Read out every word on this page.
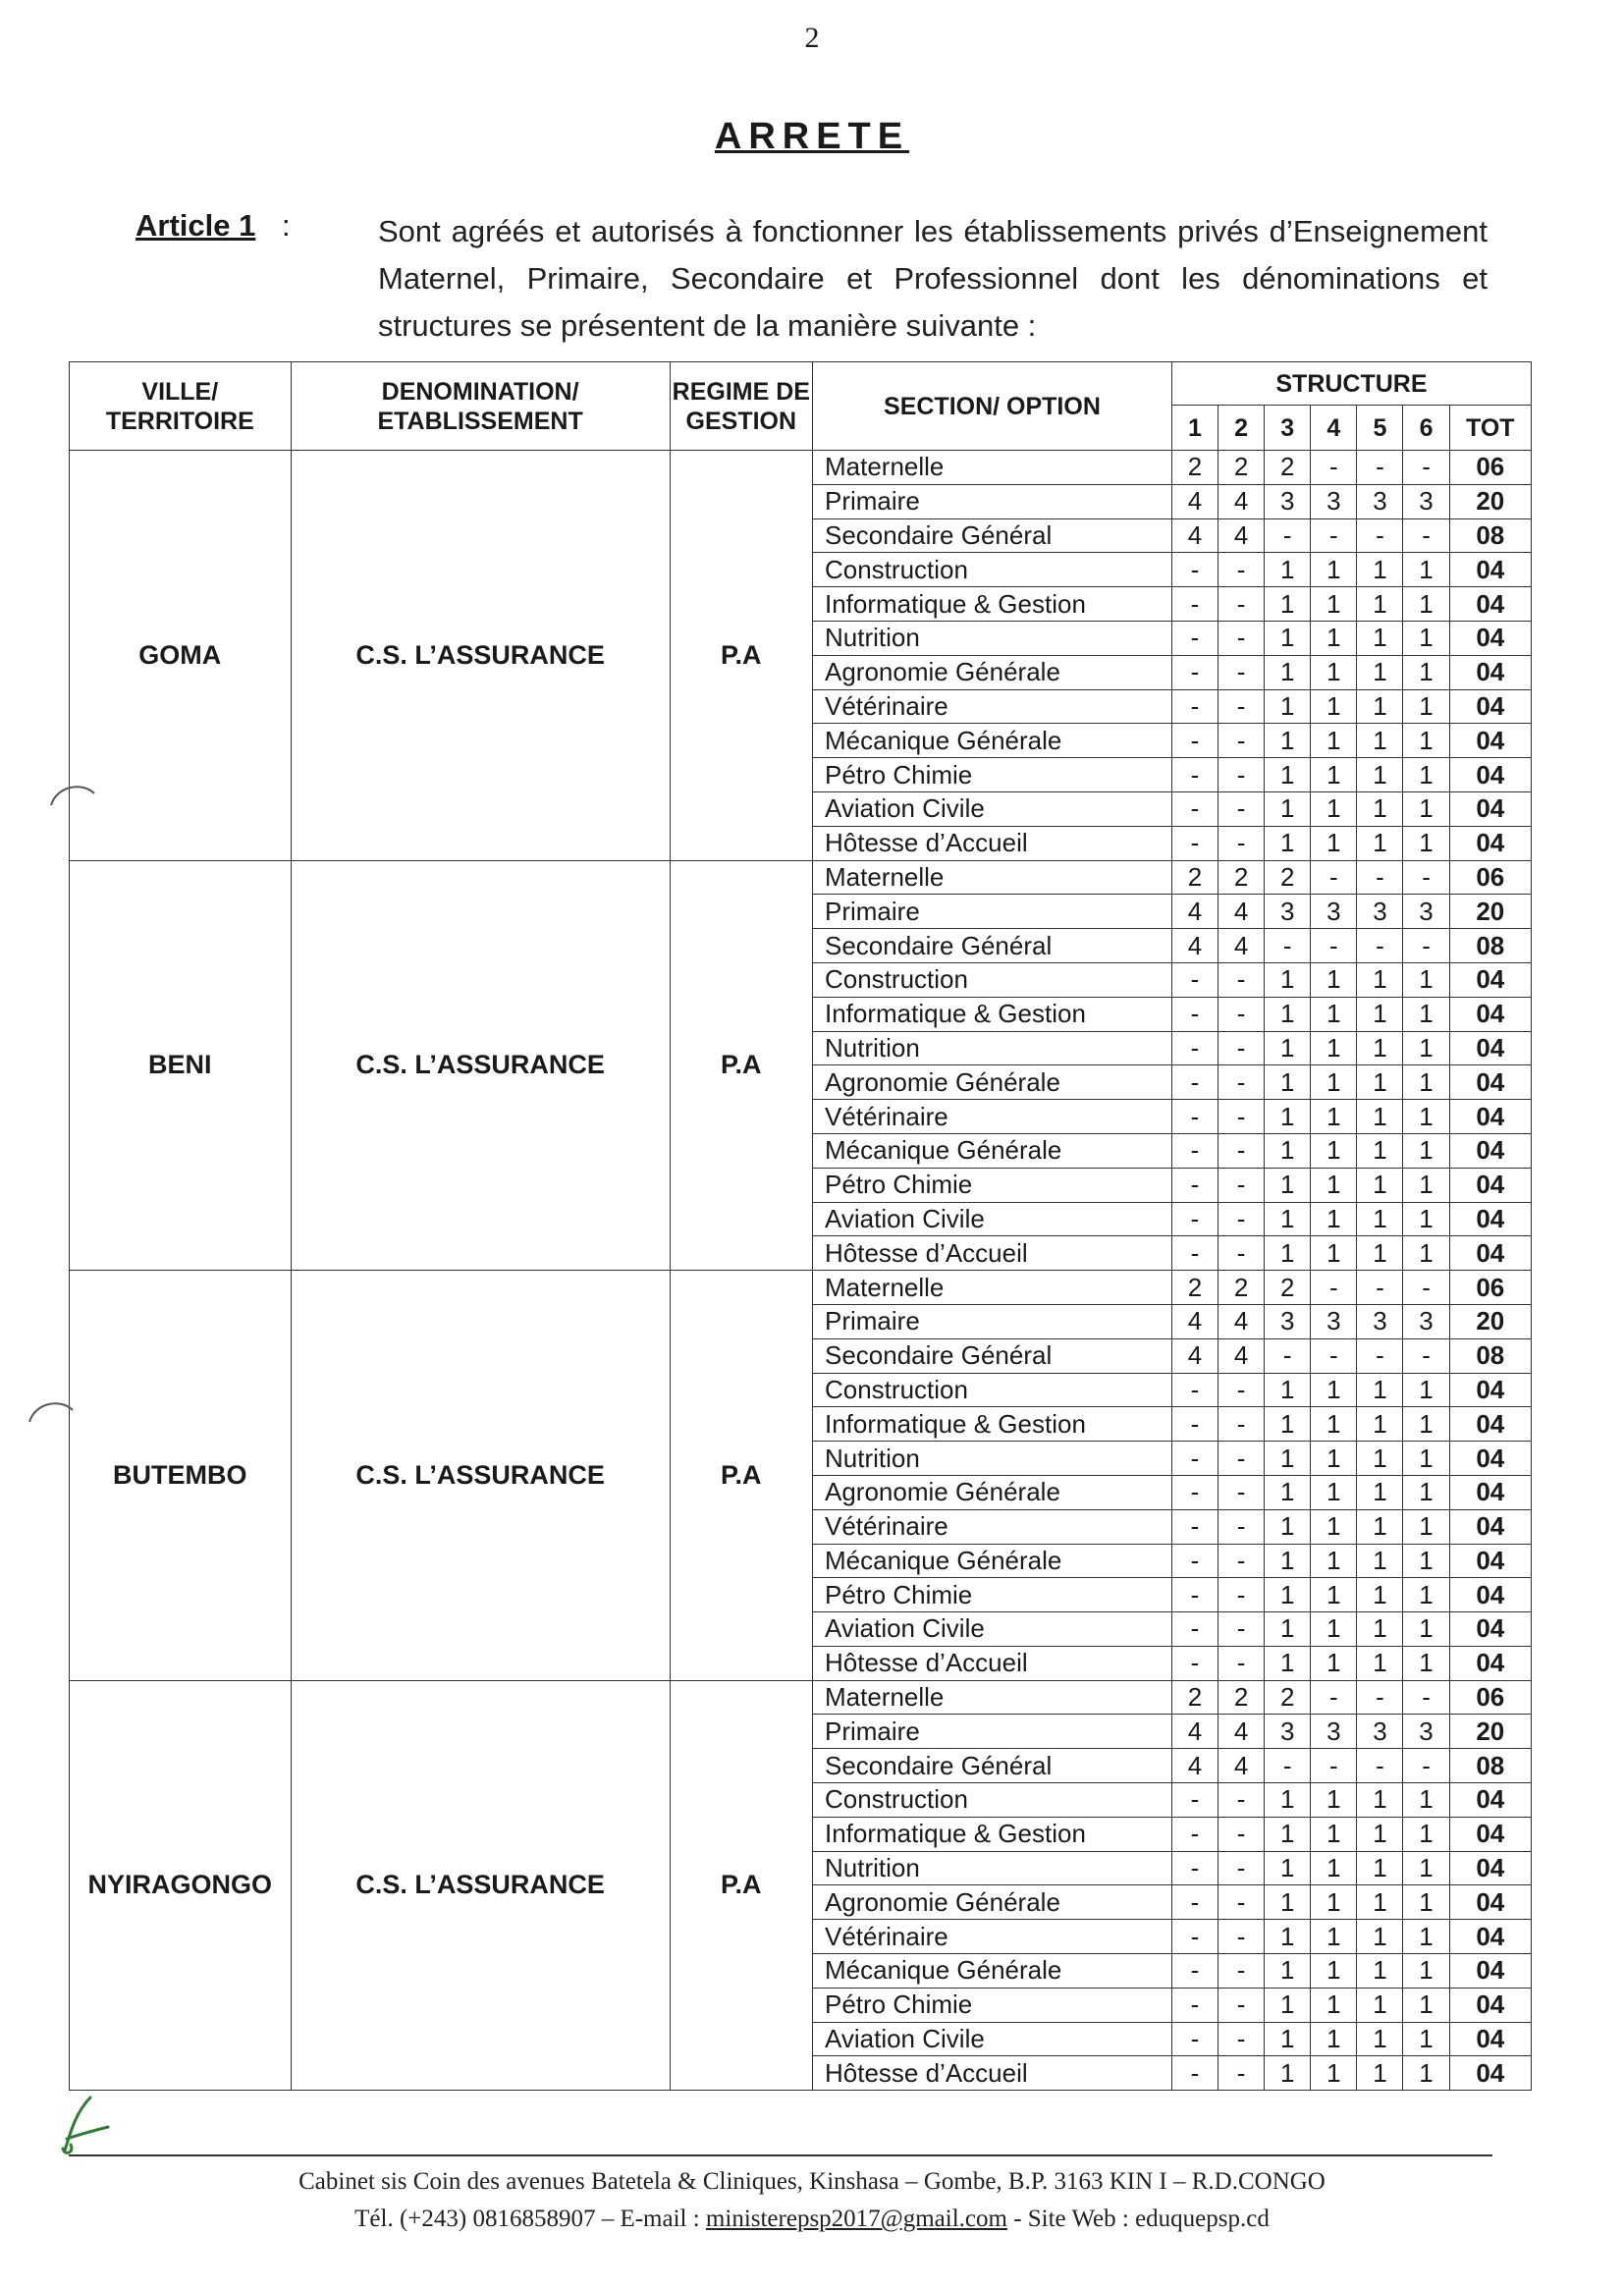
2
ARRETE
Article 1 :	Sont agréés et autorisés à fonctionner les établissements privés d’Enseignement Maternel, Primaire, Secondaire et Professionnel dont les dénominations et structures se présentent de la manière suivante :
VILLE/ TERRITOIRE	DENOMINATION/ ETABLISSEMENT	REGIME DE GESTION	SECTION/ OPTION	STRUCTURE						
				1	2	3	4	5	6	TOT
GOMA	C.S. L’ASSURANCE	P.A	Maternelle	2	2	2	-	-	-	06
			Primaire	4	4	3	3	3	3	20
			Secondaire Général	4	4	-	-	-	-	08
			Construction	-	-	1	1	1	1	04
			Informatique & Gestion	-	-	1	1	1	1	04
			Nutrition	-	-	1	1	1	1	04
			Agronomie Générale	-	-	1	1	1	1	04
			Vétérinaire	-	-	1	1	1	1	04
			Mécanique Générale	-	-	1	1	1	1	04
			Pétro Chimie	-	-	1	1	1	1	04
			Aviation Civile	-	-	1	1	1	1	04
			Hôtesse d’Accueil	-	-	1	1	1	1	04
BENI	C.S. L’ASSURANCE	P.A	Maternelle	2	2	2	-	-	-	06
			Primaire	4	4	3	3	3	3	20
			Secondaire Général	4	4	-	-	-	-	08
			Construction	-	-	1	1	1	1	04
			Informatique & Gestion	-	-	1	1	1	1	04
			Nutrition	-	-	1	1	1	1	04
			Agronomie Générale	-	-	1	1	1	1	04
			Vétérinaire	-	-	1	1	1	1	04
			Mécanique Générale	-	-	1	1	1	1	04
			Pétro Chimie	-	-	1	1	1	1	04
			Aviation Civile	-	-	1	1	1	1	04
			Hôtesse d’Accueil	-	-	1	1	1	1	04
BUTEMBO	C.S. L’ASSURANCE	P.A	Maternelle	2	2	2	-	-	-	06
			Primaire	4	4	3	3	3	3	20
			Secondaire Général	4	4	-	-	-	-	08
			Construction	-	-	1	1	1	1	04
			Informatique & Gestion	-	-	1	1	1	1	04
			Nutrition	-	-	1	1	1	1	04
			Agronomie Générale	-	-	1	1	1	1	04
			Vétérinaire	-	-	1	1	1	1	04
			Mécanique Générale	-	-	1	1	1	1	04
			Pétro Chimie	-	-	1	1	1	1	04
			Aviation Civile	-	-	1	1	1	1	04
			Hôtesse d’Accueil	-	-	1	1	1	1	04
NYIRAGONGO	C.S. L’ASSURANCE	P.A	Maternelle	2	2	2	-	-	-	06
			Primaire	4	4	3	3	3	3	20
			Secondaire Général	4	4	-	-	-	-	08
			Construction	-	-	1	1	1	1	04
			Informatique & Gestion	-	-	1	1	1	1	04
			Nutrition	-	-	1	1	1	1	04
			Agronomie Générale	-	-	1	1	1	1	04
			Vétérinaire	-	-	1	1	1	1	04
			Mécanique Générale	-	-	1	1	1	1	04
			Pétro Chimie	-	-	1	1	1	1	04
			Aviation Civile	-	-	1	1	1	1	04
			Hôtesse d’Accueil	-	-	1	1	1	1	04
Cabinet sis Coin des avenues Batetela & Cliniques, Kinshasa – Gombe, B.P. 3163 KIN I – R.D.CONGO
Tél. (+243) 0816858907 – E-mail : ministerepsp2017@gmail.com - Site Web : eduquepsp.cd
